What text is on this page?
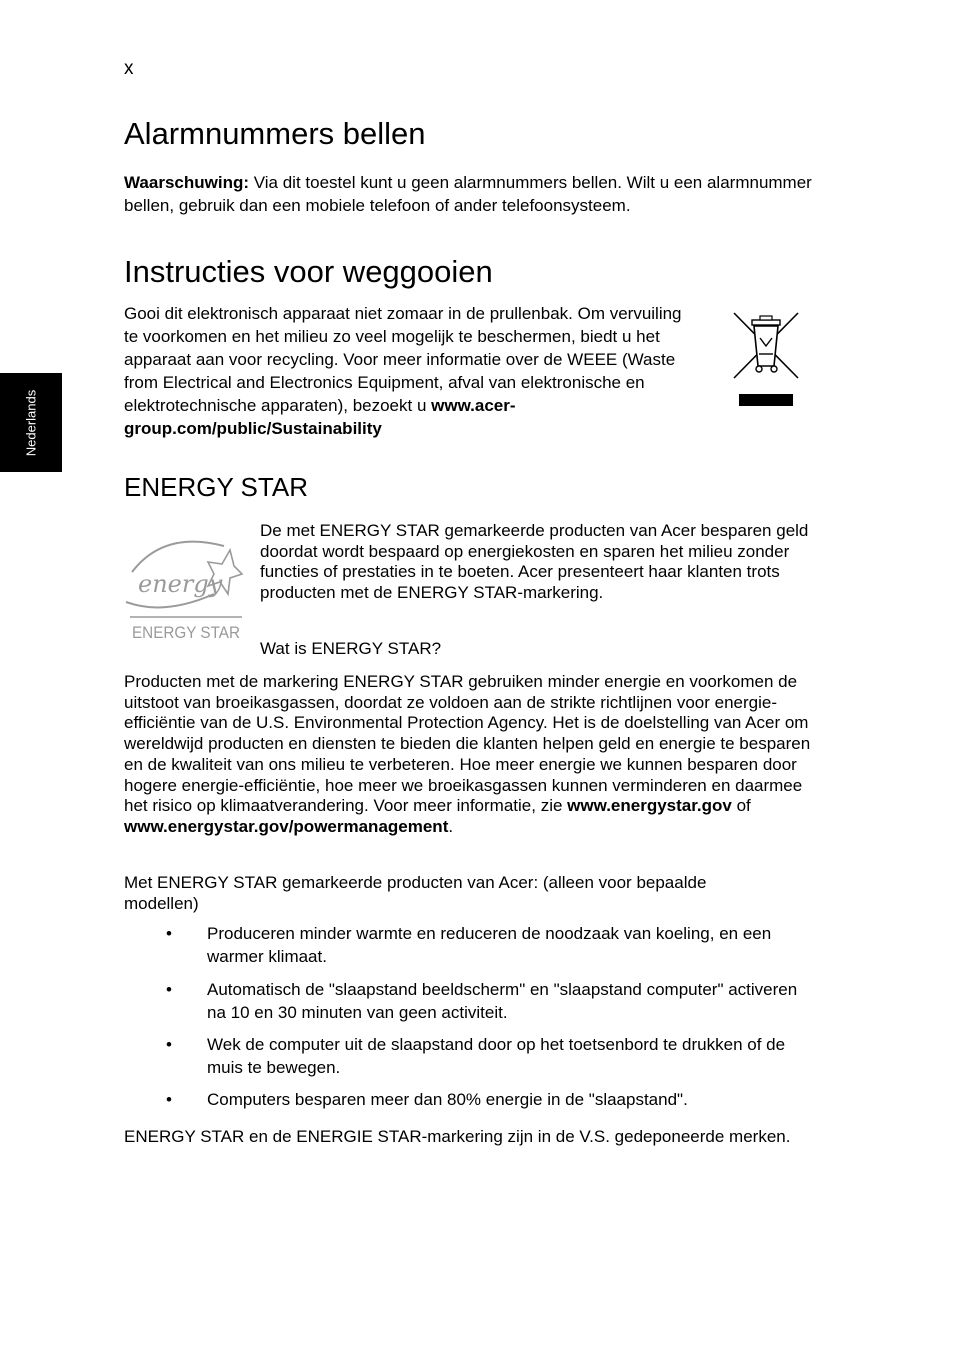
x
Nederlands
Alarmnummers bellen
Waarschuwing: Via dit toestel kunt u geen alarmnummers bellen. Wilt u een alarmnummer bellen, gebruik dan een mobiele telefoon of ander telefoonsysteem.
Instructies voor weggooien
Gooi dit elektronisch apparaat niet zomaar in de prullenbak. Om vervuiling te voorkomen en het milieu zo veel mogelijk te beschermen, biedt u het apparaat aan voor recycling. Voor meer informatie over de WEEE (Waste from Electrical and Electronics Equipment, afval van elektronische en elektrotechnische apparaten), bezoekt u www.acer-group.com/public/Sustainability
ENERGY STAR
energy
ENERGY STAR
De met ENERGY STAR gemarkeerde producten van Acer besparen geld doordat wordt bespaard op energiekosten en sparen het milieu zonder functies of prestaties in te boeten. Acer presenteert haar klanten trots producten met de ENERGY STAR-markering.
Wat is ENERGY STAR?
Producten met de markering ENERGY STAR gebruiken minder energie en voorkomen de uitstoot van broeikasgassen, doordat ze voldoen aan de strikte richtlijnen voor energie-efficiëntie van de U.S. Environmental Protection Agency. Het is de doelstelling van Acer om wereldwijd producten en diensten te bieden die klanten helpen geld en energie te besparen en de kwaliteit van ons milieu te verbeteren. Hoe meer energie we kunnen besparen door hogere energie-efficiëntie, hoe meer we broeikasgassen kunnen verminderen en daarmee het risico op klimaatverandering. Voor meer informatie, zie www.energystar.gov of www.energystar.gov/powermanagement.
Met ENERGY STAR gemarkeerde producten van Acer: (alleen voor bepaalde modellen)
• Produceren minder warmte en reduceren de noodzaak van koeling, en een warmer klimaat.
• Automatisch de "slaapstand beeldscherm" en "slaapstand computer" activeren na 10 en 30 minuten van geen activiteit.
• Wek de computer uit de slaapstand door op het toetsenbord te drukken of de muis te bewegen.
• Computers besparen meer dan 80% energie in de "slaapstand".
ENERGY STAR en de ENERGIE STAR-markering zijn in de V.S. gedeponeerde merken.
